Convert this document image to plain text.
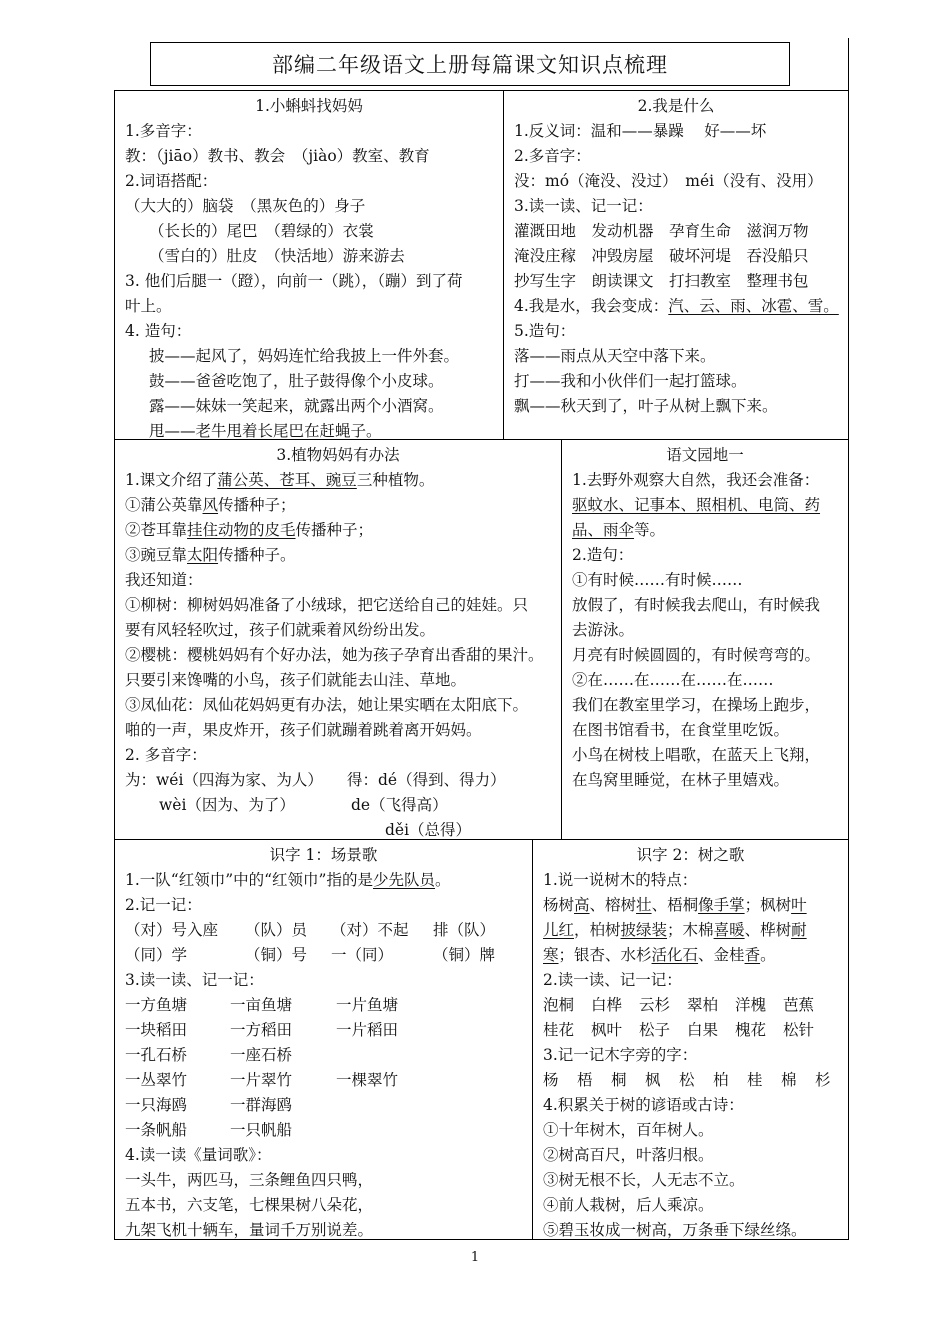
部编二年级语文上册每篇课文知识点梳理
1.小蝌蚪找妈妈
1.多音字：
教：（jiāo）教书、教会　（jiào）教室、教育
2.词语搭配：
（大大的）脑袋　（黑灰色的）身子
（长长的）尾巴　（碧绿的）衣裳
（雪白的）肚皮　（快活地）游来游去
3. 他们后腿一（蹬），向前一（跳），（蹦）到了荷
叶上。
4. 造句：
披——起风了，妈妈连忙给我披上一件外套。
鼓——爸爸吃饱了，肚子鼓得像个小皮球。
露——妹妹一笑起来，就露出两个小酒窝。
甩——老牛甩着长尾巴在赶蝇子。
2.我是什么
1.反义词：温和——暴躁　 好——坏
2.多音字：
没：mó（淹没、没过）　méi（没有、没用）
3.读一读、记一记：
灌溉田地　发动机器　孕育生命　滋润万物
淹没庄稼　冲毁房屋　破坏河堤　吞没船只
抄写生字　朗读课文　打扫教室　整理书包
4.我是水，我会变成：汽、云、雨、冰雹、雪。
5.造句：
落——雨点从天空中落下来。
打——我和小伙伴们一起打篮球。
飘——秋天到了，叶子从树上飘下来。
3.植物妈妈有办法
1.课文介绍了蒲公英、苍耳、豌豆三种植物。
①蒲公英靠风传播种子；
②苍耳靠挂住动物的皮毛传播种子；
③豌豆靠太阳传播种子。
我还知道：
①柳树：柳树妈妈准备了小绒球，把它送给自己的娃娃。只
要有风轻轻吹过，孩子们就乘着风纷纷出发。
②樱桃：樱桃妈妈有个好办法，她为孩子孕育出香甜的果汁。
只要引来馋嘴的小鸟，孩子们就能去山洼、草地。
③凤仙花：凤仙花妈妈更有办法，她让果实晒在太阳底下。
啪的一声，果皮炸开，孩子们就蹦着跳着离开妈妈。
2. 多音字：
为：wéi（四海为家、为人） 得：dé（得到、得力）
wèi（因为、为了）	de（飞得高）
děi（总得）
语文园地一
1.去野外观察大自然，我还会准备：
驱蚊水、记事本、照相机、电筒、药
品、雨伞等。
2.造句：
①有时候……有时候……
放假了，有时候我去爬山，有时候我
去游泳。
月亮有时候圆圆的，有时候弯弯的。
②在……在……在……在……
我们在教室里学习，在操场上跑步，
在图书馆看书，在食堂里吃饭。
小鸟在树枝上唱歌，在蓝天上飞翔，
在鸟窝里睡觉，在林子里嬉戏。
识字 1：场景歌
1.一队“红领巾”中的“红领巾”指的是少先队员。
2.记一记：
（对）号入座	（队）员	（对）不起	排（队）
（同）学	（铜）号	一（同）	（铜）牌
3.读一读、记一记：
一方鱼塘	一亩鱼塘	一片鱼塘
一块稻田	一方稻田	一片稻田
一孔石桥	一座石桥
一丛翠竹	一片翠竹	一棵翠竹
一只海鸥	一群海鸥
一条帆船	一只帆船
4.读一读《量词歌》：
一头牛，两匹马，三条鲤鱼四只鸭，
五本书，六支笔，七棵果树八朵花，
九架飞机十辆车，量词千万别说差。
识字 2：树之歌
1.说一说树木的特点：
杨树高、榕树壮、梧桐像手掌；枫树叶
儿红，柏树披绿装；木棉喜暖、桦树耐
寒；银杏、水杉活化石、金桂香。
2.读一读、记一记：
泡桐	白桦	云杉	翠柏	洋槐	芭蕉
桂花	枫叶	松子	白果	槐花	松针
3.记一记木字旁的字：
杨	梧	桐	枫	松	柏	桂	棉	杉
4.积累关于树的谚语或古诗：
①十年树木，百年树人。
②树高百尺，叶落归根。
③树无根不长，人无志不立。
④前人栽树，后人乘凉。
⑤碧玉妆成一树高，万条垂下绿丝绦。
1
